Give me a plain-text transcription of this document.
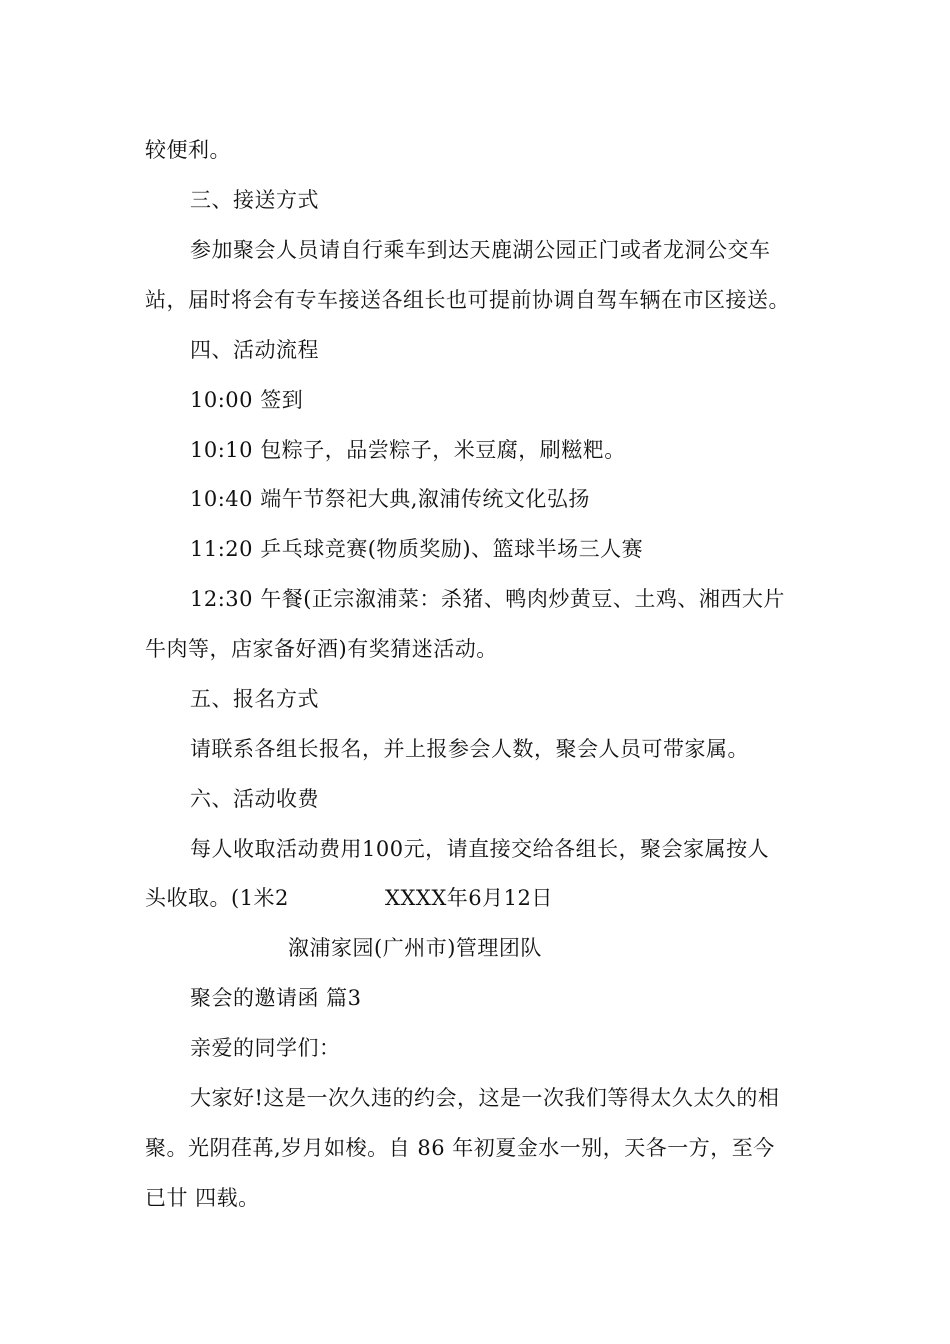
较便利。
三、接送方式
参加聚会人员请自行乘车到达天鹿湖公园正门或者龙洞公交车
站，届时将会有专车接送各组长也可提前协调自驾车辆在市区接送。
四、活动流程
10:00 签到
10:10 包粽子，品尝粽子，米豆腐，刷糍粑。
10:40 端午节祭祀大典,溆浦传统文化弘扬
11:20 乒乓球竞赛(物质奖励)、篮球半场三人赛
12:30 午餐(正宗溆浦菜：杀猪、鸭肉炒黄豆、土鸡、湘西大片
牛肉等，店家备好酒)有奖猜迷活动。
五、报名方式
请联系各组长报名，并上报参会人数，聚会人员可带家属。
六、活动收费
每人收取活动费用100元，请直接交给各组长，聚会家属按人
头收取。(1米2	XXXX年6月12日
溆浦家园(广州市)管理团队
聚会的邀请函 篇3
亲爱的同学们：
大家好!这是一次久违的约会，这是一次我们等得太久太久的相
聚。光阴荏苒,岁月如梭。自 86 年初夏金水一别，天各一方，至今
已廿 四载。
